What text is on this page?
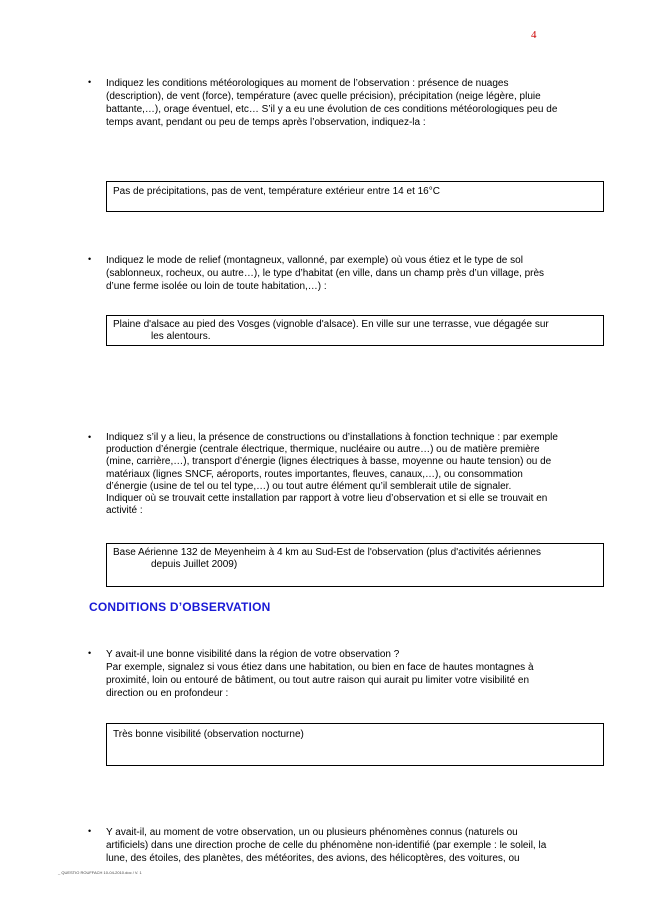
4
• Indiquez les conditions météorologiques au moment de l’observation : présence de nuages
(description), de vent (force), température (avec quelle précision), précipitation (neige légère, pluie
battante,…), orage éventuel, etc… S’il y a eu une évolution de ces conditions météorologiques peu de
temps avant, pendant ou peu de temps après l’observation, indiquez-la :
Pas de précipitations, pas de vent, température extérieur entre 14 et 16°C
• Indiquez le mode de relief (montagneux, vallonné, par exemple) où vous étiez et le type de sol
(sablonneux, rocheux, ou autre…), le type d’habitat (en ville, dans un champ près d’un village, près
d’une ferme isolée ou loin de toute habitation,…) :
Plaine d'alsace au pied des Vosges (vignoble d'alsace). En ville sur une terrasse, vue dégagée sur
les alentours.
• Indiquez s’il y a lieu, la présence de constructions ou d’installations à fonction technique : par exemple
production d’énergie (centrale électrique, thermique, nucléaire ou autre…) ou de matière première
(mine, carrière,…), transport d’énergie (lignes électriques à basse, moyenne ou haute tension) ou de
matériaux (lignes SNCF, aéroports, routes importantes, fleuves, canaux,…), ou consommation
d’énergie (usine de tel ou tel type,…) ou tout autre élément qu’il semblerait utile de signaler.
Indiquer où se trouvait cette installation par rapport à votre lieu d’observation et si elle se trouvait en
activité :
Base Aérienne 132 de Meyenheim à 4 km au Sud-Est de l'observation (plus d'activités aériennes
depuis Juillet 2009)
CONDITIONS D’OBSERVATION
• Y avait-il une bonne visibilité dans la région de votre observation ?
Par exemple, signalez si vous étiez dans une habitation, ou bien en face de hautes montagnes à
proximité, loin ou entouré de bâtiment, ou tout autre raison qui aurait pu limiter votre visibilité en
direction ou en profondeur :
Très bonne visibilité (observation nocturne)
• Y avait-il, au moment de votre observation, un ou plusieurs phénomènes connus (naturels ou
artificiels) dans une direction proche de celle du phénomène non-identifié (par exemple : le soleil, la
lune, des étoiles, des planètes, des météorites, des avions, des hélicoptères, des voitures, ou
_ QUESTIO ROUFFACH 10-04-2010.doc / V. 1
